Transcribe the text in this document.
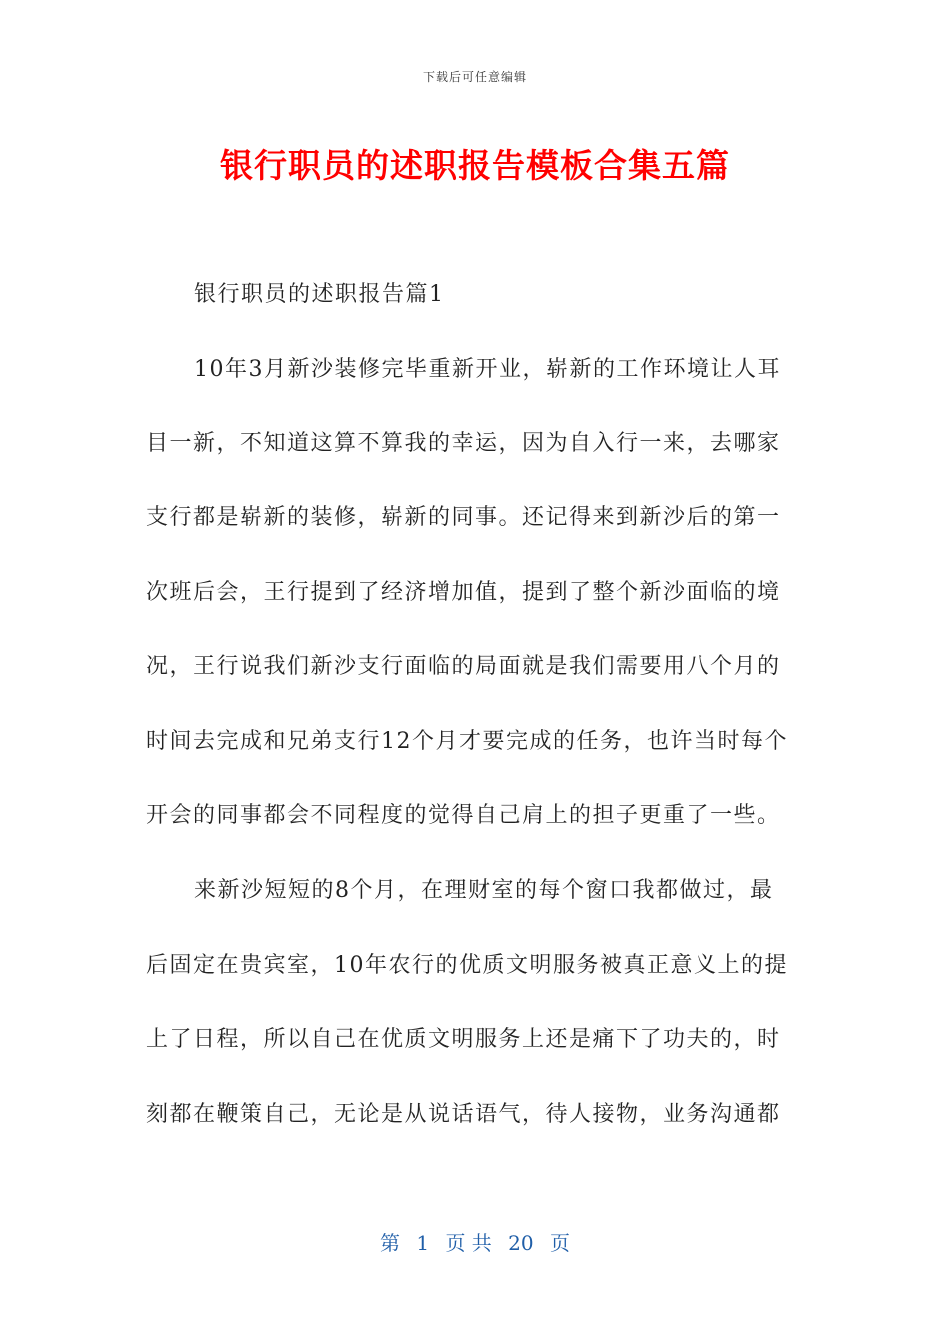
下载后可任意编辑
银行职员的述职报告模板合集五篇
银行职员的述职报告篇1
10年3月新沙装修完毕重新开业，崭新的工作环境让人耳
目一新，不知道这算不算我的幸运，因为自入行一来，去哪家
支行都是崭新的装修，崭新的同事。还记得来到新沙后的第一
次班后会，王行提到了经济增加值，提到了整个新沙面临的境
况，王行说我们新沙支行面临的局面就是我们需要用八个月的
时间去完成和兄弟支行12个月才要完成的任务，也许当时每个
开会的同事都会不同程度的觉得自己肩上的担子更重了一些。
来新沙短短的8个月，在理财室的每个窗口我都做过，最
后固定在贵宾室，10年农行的优质文明服务被真正意义上的提
上了日程，所以自己在优质文明服务上还是痛下了功夫的，时
刻都在鞭策自己，无论是从说话语气，待人接物，业务沟通都
第 1 页 共 20 页
